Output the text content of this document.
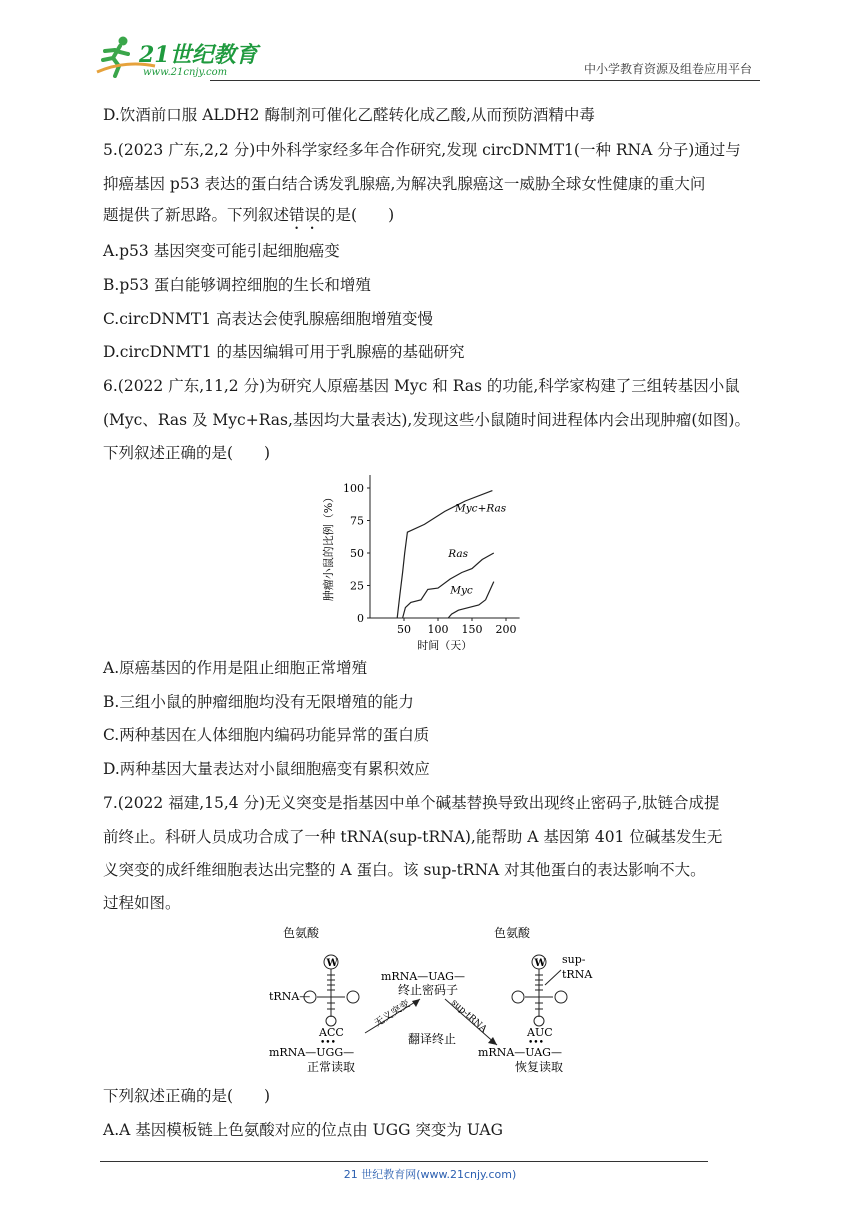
21世纪教育
www.21cnjy.com	中小学教育资源及组卷应用平台
D.饮酒前口服 ALDH2 酶制剂可催化乙醛转化成乙酸,从而预防酒精中毒
5.(2023 广东,2,2 分)中外科学家经多年合作研究,发现 circDNMT1(一种 RNA 分子)通过与
抑癌基因 p53 表达的蛋白结合诱发乳腺癌,为解决乳腺癌这一威胁全球女性健康的重大问
题提供了新思路。下列叙述错误的是(　　)
A.p53 基因突变可能引起细胞癌变
B.p53 蛋白能够调控细胞的生长和增殖
C.circDNMT1 高表达会使乳腺癌细胞增殖变慢
D.circDNMT1 的基因编辑可用于乳腺癌的基础研究
6.(2022 广东,11,2 分)为研究人原癌基因 Myc 和 Ras 的功能,科学家构建了三组转基因小鼠
(Myc、Ras 及 Myc+Ras,基因均大量表达),发现这些小鼠随时间进程体内会出现肿瘤(如图)。
下列叙述正确的是(　　)
0
25
50
75
100
50 100 150 200
时间（天）
肿瘤小鼠的比例（%）	Myc+Ras
Ras
Myc
A.原癌基因的作用是阻止细胞正常增殖
B.三组小鼠的肿瘤细胞均没有无限增殖的能力
C.两种基因在人体细胞内编码功能异常的蛋白质
D.两种基因大量表达对小鼠细胞癌变有累积效应
7.(2022 福建,15,4 分)无义突变是指基因中单个碱基替换导致出现终止密码子,肽链合成提
前终止。科研人员成功合成了一种 tRNA(sup-tRNA),能帮助 A 基因第 401 位碱基发生无
义突变的成纤维细胞表达出完整的 A 蛋白。该 sup-tRNA 对其他蛋白的表达影响不大。
过程如图。
色氨酸
W
tRNA—
ACC
•••
mRNA—UGG—
正常读取
mRNA—UAG—
终止密码子
无义突变	sup-tRNA
翻译终止
色氨酸
W sup-
tRNA
AUC
•••
mRNA—UAG—
恢复读取
下列叙述正确的是(　　)
A.A 基因模板链上色氨酸对应的位点由 UGG 突变为 UAG
21 世纪教育网(www.21cnjy.com)
